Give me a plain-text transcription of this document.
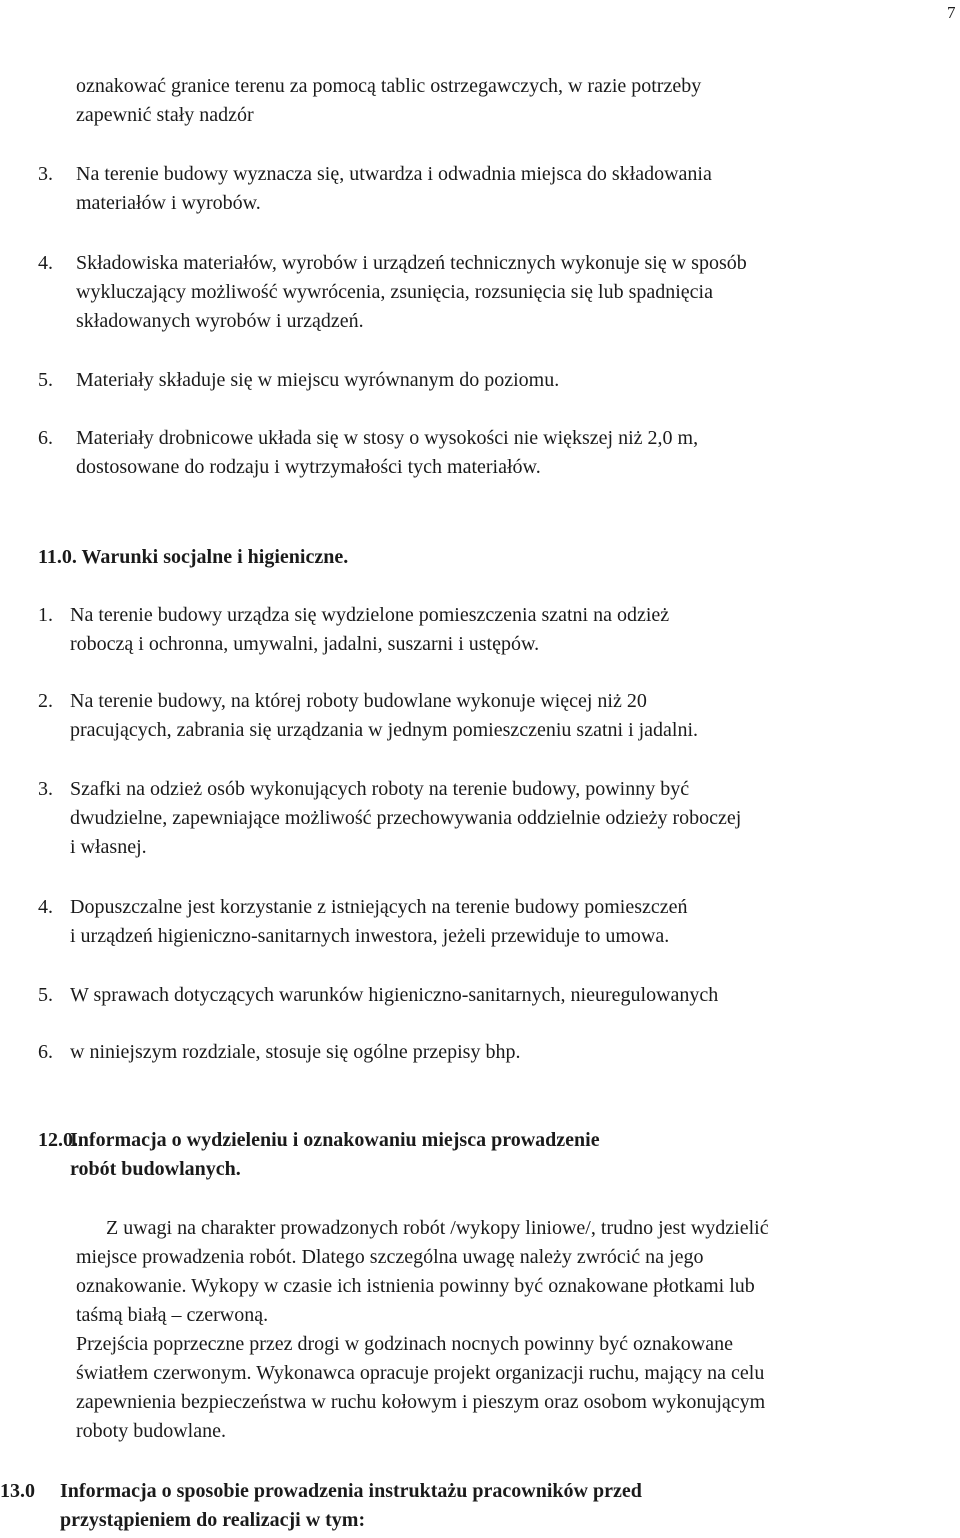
7
oznakować granice terenu za pomocą tablic ostrzegawczych, w razie potrzeby
zapewnić stały nadzór
3. Na terenie budowy wyznacza się, utwardza i odwadnia miejsca do składowania
materiałów i wyrobów.
4. Składowiska materiałów, wyrobów i urządzeń technicznych wykonuje się w sposób
wykluczający możliwość wywrócenia, zsunięcia, rozsunięcia się lub spadnięcia
składowanych wyrobów i urządzeń.
5. Materiały składuje się w miejscu wyrównanym do poziomu.
6. Materiały drobnicowe układa się w stosy o wysokości nie większej niż 2,0 m,
dostosowane do rodzaju i wytrzymałości tych materiałów.
11.0. Warunki socjalne i higieniczne.
1. Na terenie budowy urządza się wydzielone pomieszczenia szatni na odzież
roboczą i ochronna, umywalni, jadalni, suszarni i ustępów.
2. Na terenie budowy, na której roboty budowlane wykonuje więcej niż 20
pracujących, zabrania się urządzania w jednym pomieszczeniu szatni i jadalni.
3. Szafki na odzież osób wykonujących roboty na terenie budowy, powinny być
dwudzielne, zapewniające możliwość przechowywania oddzielnie odzieży roboczej
i własnej.
4. Dopuszczalne jest korzystanie z istniejących na terenie budowy pomieszczeń
i urządzeń higieniczno-sanitarnych inwestora, jeżeli przewiduje to umowa.
5. W sprawach dotyczących warunków higieniczno-sanitarnych, nieuregulowanych
6. w niniejszym rozdziale, stosuje się ogólne przepisy bhp.
12.0.
Informacja o wydzieleniu i oznakowaniu miejsca prowadzenie
robót budowlanych.
Z uwagi na charakter prowadzonych robót /wykopy liniowe/, trudno jest wydzielić
miejsce prowadzenia robót. Dlatego szczególna uwagę należy zwrócić na jego
oznakowanie. Wykopy w czasie ich istnienia powinny być oznakowane płotkami lub
taśmą białą – czerwoną.
Przejścia poprzeczne przez drogi w godzinach nocnych powinny być oznakowane
światłem czerwonym. Wykonawca opracuje projekt organizacji ruchu, mający na celu
zapewnienia bezpieczeństwa w ruchu kołowym i pieszym oraz osobom wykonującym
roboty budowlane.
13.0 Informacja o sposobie prowadzenia instruktażu pracowników przed
przystąpieniem do realizacji w tym:
